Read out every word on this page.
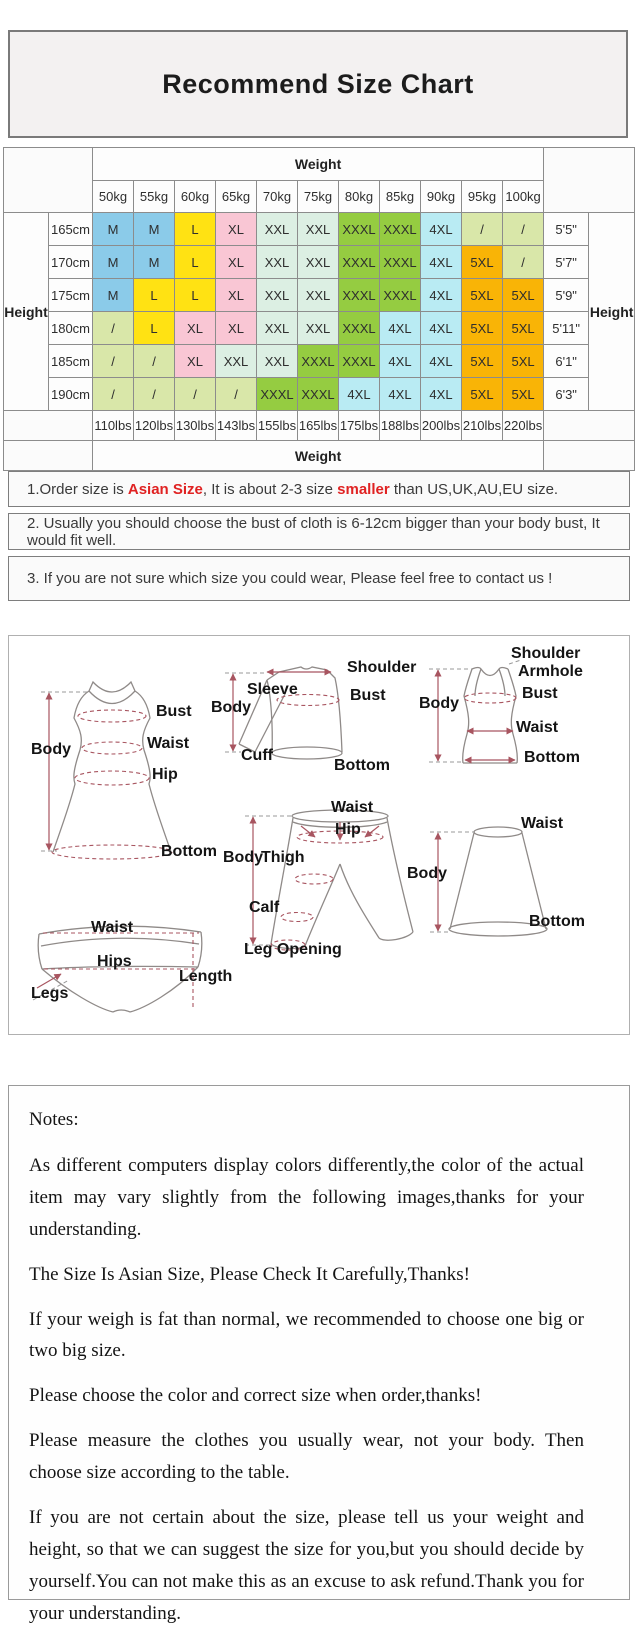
Recommend Size Chart
		Weight												
		50kg	55kg	60kg	65kg	70kg	75kg	80kg	85kg	90kg	95kg	100kg		
Height	165cm	M	M	L	XL	XXL	XXL	XXXL	XXXL	4XL	/	/	5'5"	Height
	170cm	M	M	L	XL	XXL	XXL	XXXL	XXXL	4XL	5XL	/	5'7"	
	175cm	M	L	L	XL	XXL	XXL	XXXL	XXXL	4XL	5XL	5XL	5'9"	
	180cm	/	L	XL	XL	XXL	XXL	XXXL	4XL	4XL	5XL	5XL	5'11"	
	185cm	/	/	XL	XXL	XXL	XXXL	XXXL	4XL	4XL	5XL	5XL	6'1"	
	190cm	/	/	/	/	XXXL	XXXL	4XL	4XL	4XL	5XL	5XL	6'3"	
		110lbs	120lbs	130lbs	143lbs	155lbs	165lbs	175lbs	188lbs	200lbs	210lbs	220lbs		
		Weight												
1.Order size is Asian Size, It is about 2-3 size smaller than US,UK,AU,EU size.
2. Usually you should choose the bust of cloth is 6-12cm bigger than your body bust, It would fit well.
3. If you are not sure which size you could wear, Please feel free to contact us !
Body
Bust
Waist
Hip
Bottom
Sleeve
Body
Cuff
Shoulder
Bust
Bottom
Shoulder
Armhole
Body
Bust
Waist
Bottom
Waist
Hip
Body
Thigh
Calf
Leg Opening
Waist
Body
Bottom
Waist
Hips
Legs
Length

Notes:

As different computers display colors differently,the color of the actual item may vary slightly from the following images,thanks for your understanding.

The Size Is Asian Size, Please Check It Carefully,Thanks!

If your weigh is fat than normal, we recommended to choose one big or two big size.

Please choose the color and correct size when order,thanks!

Please measure the clothes you usually wear, not your body. Then choose size according to the table.

If you are not certain about the size, please tell us your weight and height, so that we can suggest the size for you,but you should decide by yourself.You can not make this as an excuse to ask refund.Thank you for your understanding.
